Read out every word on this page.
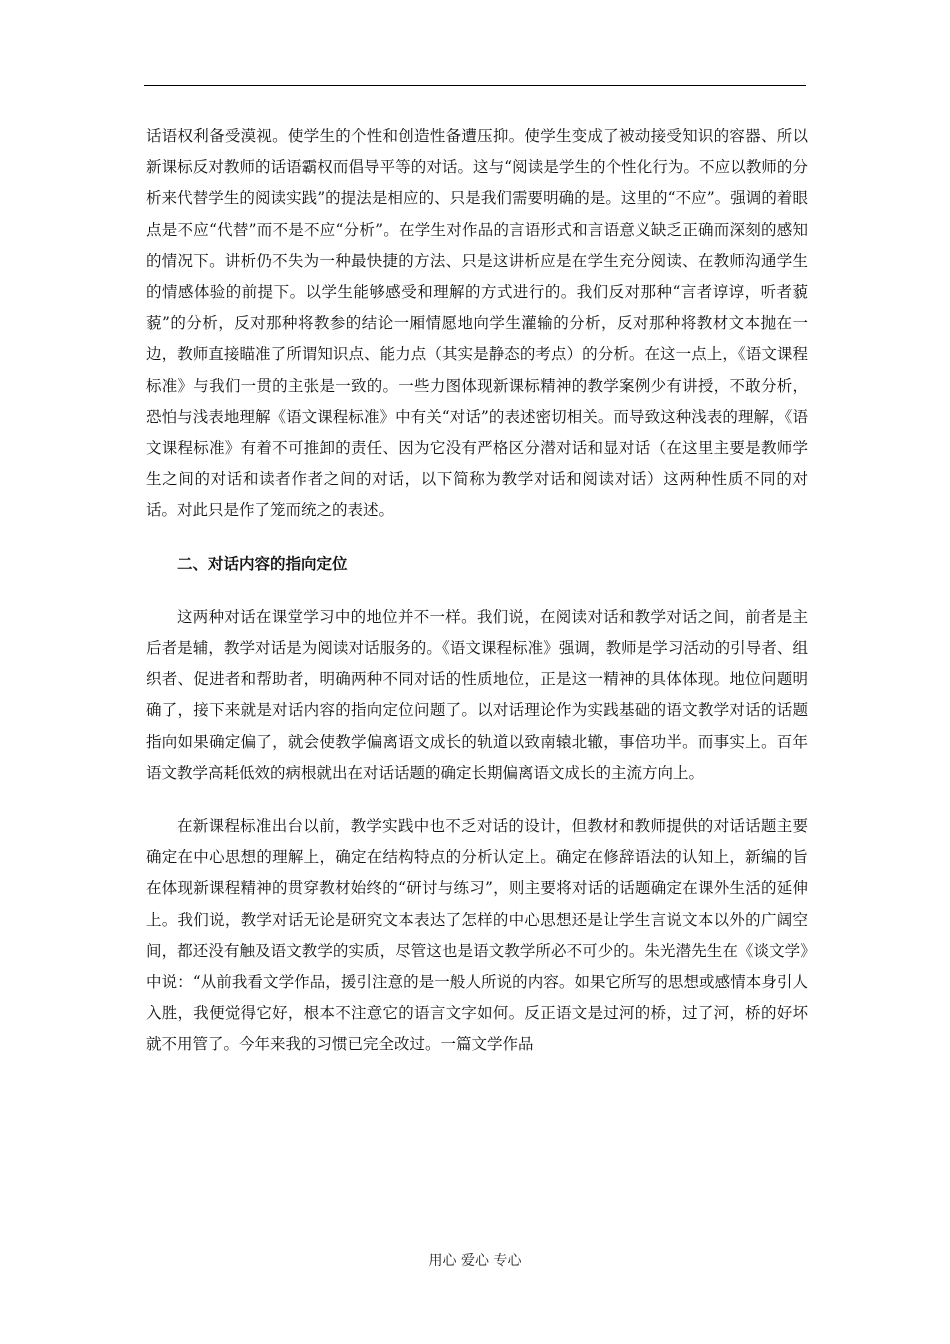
话语权利备受漠视。使学生的个性和创造性备遭压抑。使学生变成了被动接受知识的容器、所以新课标反对教师的话语霸权而倡导平等的对话。这与“阅读是学生的个性化行为。不应以教师的分析来代替学生的阅读实践”的提法是相应的、只是我们需要明确的是。这里的“不应”。强调的着眼点是不应“代替”而不是不应“分析”。在学生对作品的言语形式和言语意义缺乏正确而深刻的感知的情况下。讲析仍不失为一种最快捷的方法、只是这讲析应是在学生充分阅读、在教师沟通学生的情感体验的前提下。以学生能够感受和理解的方式进行的。我们反对那种“言者谆谆，听者藐藐”的分析，反对那种将教参的结论一厢情愿地向学生灌输的分析，反对那种将教材文本抛在一边，教师直接瞄准了所谓知识点、能力点（其实是静态的考点）的分析。在这一点上，《语文课程标准》与我们一贯的主张是一致的。一些力图体现新课标精神的教学案例少有讲授，不敢分析，恐怕与浅表地理解《语文课程标准》中有关“对话”的表述密切相关。而导致这种浅表的理解，《语文课程标准》有着不可推卸的责任、因为它没有严格区分潜对话和显对话（在这里主要是教师学生之间的对话和读者作者之间的对话，以下简称为教学对话和阅读对话）这两种性质不同的对话。对此只是作了笼而统之的表述。

二、对话内容的指向定位

这两种对话在课堂学习中的地位并不一样。我们说，在阅读对话和教学对话之间，前者是主后者是辅，教学对话是为阅读对话服务的。《语文课程标准》强调，教师是学习活动的引导者、组织者、促进者和帮助者，明确两种不同对话的性质地位，正是这一精神的具体体现。地位问题明确了，接下来就是对话内容的指向定位问题了。以对话理论作为实践基础的语文教学对话的话题指向如果确定偏了，就会使教学偏离语文成长的轨道以致南辕北辙，事倍功半。而事实上。百年语文教学高耗低效的病根就出在对话话题的确定长期偏离语文成长的主流方向上。

在新课程标准出台以前，教学实践中也不乏对话的设计，但教材和教师提供的对话话题主要确定在中心思想的理解上，确定在结构特点的分析认定上。确定在修辞语法的认知上，新编的旨在体现新课程精神的贯穿教材始终的“研讨与练习”，则主要将对话的话题确定在课外生活的延伸上。我们说，教学对话无论是研究文本表达了怎样的中心思想还是让学生言说文本以外的广阔空间，都还没有触及语文教学的实质，尽管这也是语文教学所必不可少的。朱光潜先生在《谈文学》中说：“从前我看文学作品，援引注意的是一般人所说的内容。如果它所写的思想或感情本身引人入胜，我便觉得它好，根本不注意它的语言文字如何。反正语文是过河的桥，过了河，桥的好坏就不用管了。今年来我的习惯已完全改过。一篇文学作品

用心 爱心 专心
